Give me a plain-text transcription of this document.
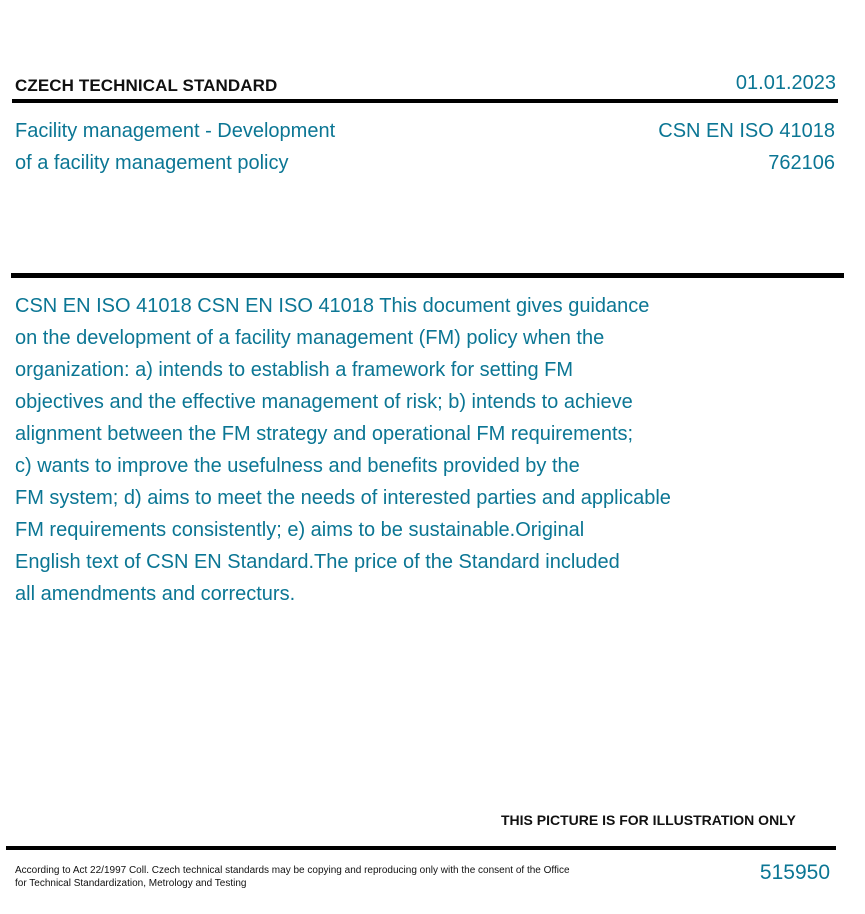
CZECH TECHNICAL STANDARD	01.01.2023
Facility management - Development
of a facility management policy
CSN EN ISO 41018
762106
CSN EN ISO 41018 CSN EN ISO 41018 This document gives guidance
on the development of a facility management (FM) policy when the
organization: a) intends to establish a framework for setting FM
objectives and the effective management of risk; b) intends to achieve
alignment between the FM strategy and operational FM requirements;
c) wants to improve the usefulness and benefits provided by the
FM system; d) aims to meet the needs of interested parties and applicable
FM requirements consistently; e) aims to be sustainable.Original
English text of CSN EN Standard.The price of the Standard included
all amendments and correcturs.
THIS PICTURE IS FOR ILLUSTRATION ONLY
According to Act 22/1997 Coll. Czech technical standards may be copying and reproducing only with the consent of the Office
for Technical Standardization, Metrology and Testing	515950
